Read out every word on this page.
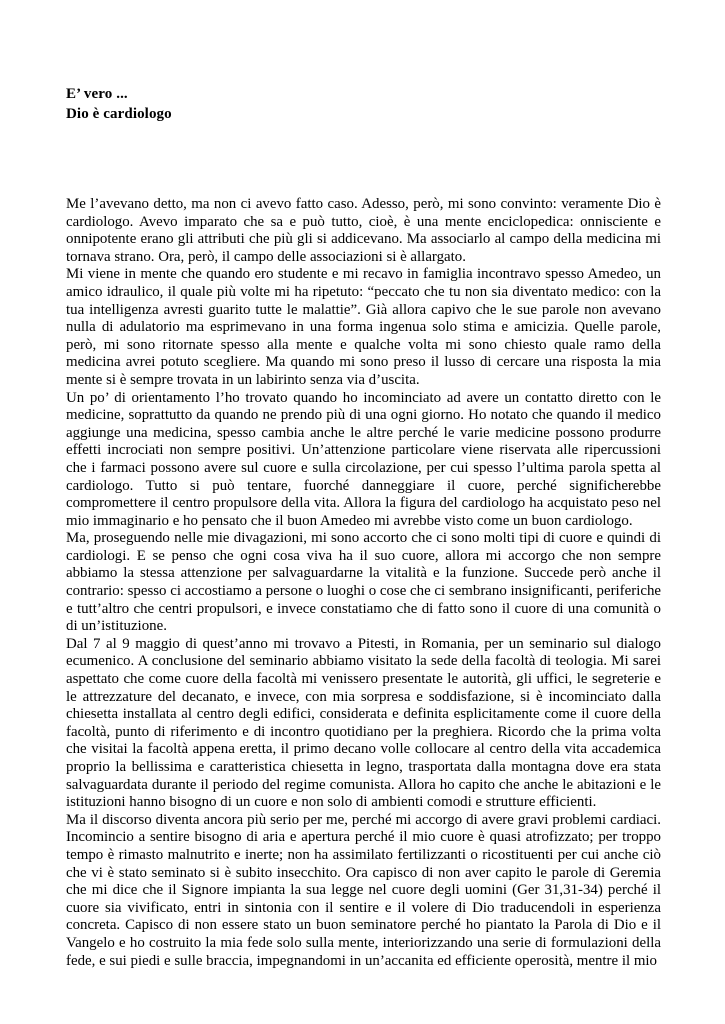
E’ vero ...
Dio è cardiologo

Me l’avevano detto, ma non ci avevo fatto caso. Adesso, però, mi sono convinto: veramente Dio è cardiologo. Avevo imparato che sa e può tutto, cioè, è una mente enciclopedica: onnisciente e onnipotente erano gli attributi che più gli si addicevano. Ma associarlo al campo della medicina mi tornava strano. Ora, però, il campo delle associazioni si è allargato.

Mi viene in mente che quando ero studente e mi recavo in famiglia incontravo spesso Amedeo, un amico idraulico, il quale più volte mi ha ripetuto: “peccato che tu non sia diventato medico: con la tua intelligenza avresti guarito tutte le malattie”. Già allora capivo che le sue parole non avevano nulla di adulatorio ma esprimevano in una forma ingenua solo stima e amicizia. Quelle parole, però, mi sono ritornate spesso alla mente e qualche volta mi sono chiesto quale ramo della medicina avrei potuto scegliere. Ma quando mi sono preso il lusso di cercare una risposta la mia mente si è sempre trovata in un labirinto senza via d’uscita.

Un po’ di orientamento l’ho trovato quando ho incominciato ad avere un contatto diretto con le medicine, soprattutto da quando ne prendo più di una ogni giorno. Ho notato che quando il medico aggiunge una medicina, spesso cambia anche le altre perché le varie medicine possono produrre effetti incrociati non sempre positivi. Un’attenzione particolare viene riservata alle ripercussioni che i farmaci possono avere sul cuore e sulla circolazione, per cui spesso l’ultima parola spetta al cardiologo. Tutto si può tentare, fuorché danneggiare il cuore, perché significherebbe compromettere il centro propulsore della vita. Allora la figura del cardiologo ha acquistato peso nel mio immaginario e ho pensato che il buon Amedeo mi avrebbe visto come un buon cardiologo.

Ma, proseguendo nelle mie divagazioni, mi sono accorto che ci sono molti tipi di cuore e quindi di cardiologi. E se penso che ogni cosa viva ha il suo cuore, allora mi accorgo che non sempre abbiamo la stessa attenzione per salvaguardarne la vitalità e la funzione. Succede però anche il contrario: spesso ci accostiamo a persone o luoghi o cose che ci sembrano insignificanti, periferiche e tutt’altro che centri propulsori, e invece constatiamo che di fatto sono il cuore di una comunità o di un’istituzione.

Dal 7 al 9 maggio di quest’anno mi trovavo a Pitesti, in Romania, per un seminario sul dialogo ecumenico. A conclusione del seminario abbiamo visitato la sede della facoltà di teologia. Mi sarei aspettato che come cuore della facoltà mi venissero presentate le autorità, gli uffici, le segreterie e le attrezzature del decanato, e invece, con mia sorpresa e soddisfazione, si è incominciato dalla chiesetta installata al centro degli edifici, considerata e definita esplicitamente come il cuore della facoltà, punto di riferimento e di incontro quotidiano per la preghiera. Ricordo che la prima volta che visitai la facoltà appena eretta, il primo decano volle collocare al centro della vita accademica proprio la bellissima e caratteristica chiesetta in legno, trasportata dalla montagna dove era stata salvaguardata durante il periodo del regime comunista. Allora ho capito che anche le abitazioni e le istituzioni hanno bisogno di un cuore e non solo di ambienti comodi e strutture efficienti.

Ma il discorso diventa ancora più serio per me, perché mi accorgo di avere gravi problemi cardiaci. Incomincio a sentire bisogno di aria e apertura perché il mio cuore è quasi atrofizzato; per troppo tempo è rimasto malnutrito e inerte; non ha assimilato fertilizzanti o ricostituenti per cui anche ciò che vi è stato seminato si è subito insecchito. Ora capisco di non aver capito le parole di Geremia che mi dice che il Signore impianta la sua legge nel cuore degli uomini (Ger 31,31-34) perché il cuore sia vivificato, entri in sintonia con il sentire e il volere di Dio traducendoli in esperienza concreta. Capisco di non essere stato un buon seminatore perché ho piantato la Parola di Dio e il Vangelo e ho costruito la mia fede solo sulla mente, interiorizzando una serie di formulazioni della fede, e sui piedi e sulle braccia, impegnandomi in un’accanita ed efficiente operosità, mentre il mio
